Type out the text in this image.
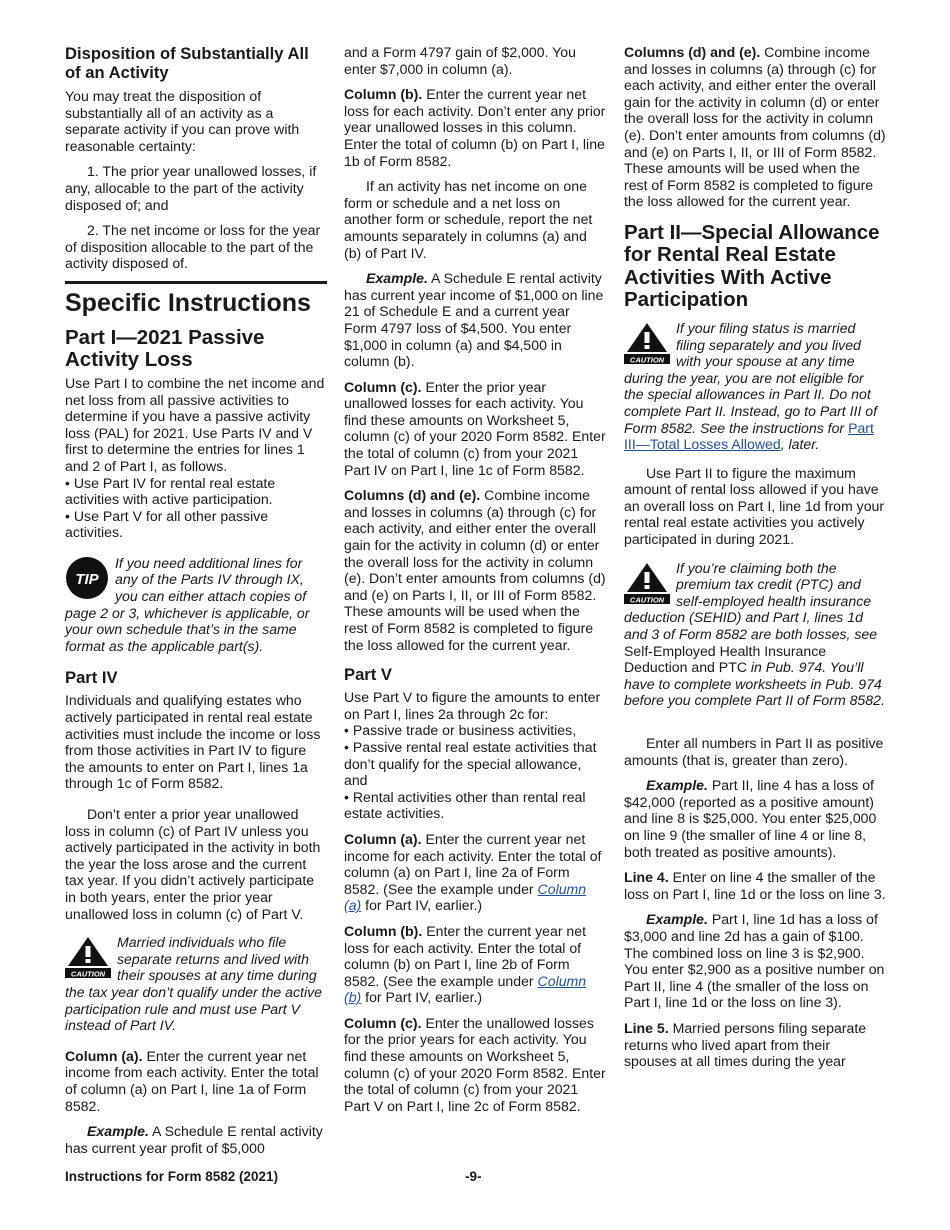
Disposition of Substantially All of an Activity

You may treat the disposition of substantially all of an activity as a separate activity if you can prove with reasonable certainty:

1. The prior year unallowed losses, if any, allocable to the part of the activity disposed of; and

2. The net income or loss for the year of disposition allocable to the part of the activity disposed of.

Specific Instructions
Part I—2021 Passive Activity Loss

Use Part I to combine the net income and net loss from all passive activities to determine if you have a passive activity loss (PAL) for 2021. Use Parts IV and V first to determine the entries for lines 1 and 2 of Part I, as follows.

• Use Part IV for rental real estate activities with active participation.

• Use Part V for all other passive activities.

TIP
If you need additional lines for any of the Parts IV through IX, you can either attach copies of page 2 or 3, whichever is applicable, or your own schedule that’s in the same format as the applicable part(s).
Part IV

Individuals and qualifying estates who actively participated in rental real estate activities must include the income or loss from those activities in Part IV to figure the amounts to enter on Part I, lines 1a through 1c of Form 8582.

Don’t enter a prior year unallowed loss in column (c) of Part IV unless you actively participated in the activity in both the year the loss arose and the current tax year. If you didn’t actively participate in both years, enter the prior year unallowed loss in column (c) of Part V.

CAUTION
Married individuals who file separate returns and lived with their spouses at any time during the tax year don’t qualify under the active participation rule and must use Part V instead of Part IV.

Column (a). Enter the current year net income from each activity. Enter the total of column (a) on Part I, line 1a of Form 8582.

Example. A Schedule E rental activity has current year profit of $5,000

and a Form 4797 gain of $2,000. You enter $7,000 in column (a).

Column (b). Enter the current year net loss for each activity. Don’t enter any prior year unallowed losses in this column. Enter the total of column (b) on Part I, line 1b of Form 8582.

If an activity has net income on one form or schedule and a net loss on another form or schedule, report the net amounts separately in columns (a) and (b) of Part IV.

Example. A Schedule E rental activity has current year income of $1,000 on line 21 of Schedule E and a current year Form 4797 loss of $4,500. You enter $1,000 in column (a) and $4,500 in column (b).

Column (c). Enter the prior year unallowed losses for each activity. You find these amounts on Worksheet 5, column (c) of your 2020 Form 8582. Enter the total of column (c) from your 2021 Part IV on Part I, line 1c of Form 8582.

Columns (d) and (e). Combine income and losses in columns (a) through (c) for each activity, and either enter the overall gain for the activity in column (d) or enter the overall loss for the activity in column (e). Don’t enter amounts from columns (d) and (e) on Parts I, II, or III of Form 8582. These amounts will be used when the rest of Form 8582 is completed to figure the loss allowed for the current year.

Part V

Use Part V to figure the amounts to enter on Part I, lines 2a through 2c for:

• Passive trade or business activities,

• Passive rental real estate activities that don’t qualify for the special allowance, and

• Rental activities other than rental real estate activities.

Column (a). Enter the current year net income for each activity. Enter the total of column (a) on Part I, line 2a of Form 8582. (See the example under Column (a) for Part IV, earlier.)

Column (b). Enter the current year net loss for each activity. Enter the total of column (b) on Part I, line 2b of Form 8582. (See the example under Column (b) for Part IV, earlier.)

Column (c). Enter the unallowed losses for the prior years for each activity. You find these amounts on Worksheet 5, column (c) of your 2020 Form 8582. Enter the total of column (c) from your 2021 Part V on Part I, line 2c of Form 8582.

Columns (d) and (e). Combine income and losses in columns (a) through (c) for each activity, and either enter the overall gain for the activity in column (d) or enter the overall loss for the activity in column (e). Don’t enter amounts from columns (d) and (e) on Parts I, II, or III of Form 8582. These amounts will be used when the rest of Form 8582 is completed to figure the loss allowed for the current year.

Part II—Special Allowance for Rental Real Estate Activities With Active Participation
CAUTION
If your filing status is married filing separately and you lived with your spouse at any time during the year, you are not eligible for the special allowances in Part II. Do not complete Part II. Instead, go to Part III of Form 8582. See the instructions for Part III—Total Losses Allowed, later.

Use Part II to figure the maximum amount of rental loss allowed if you have an overall loss on Part I, line 1d from your rental real estate activities you actively participated in during 2021.

CAUTION
If you’re claiming both the premium tax credit (PTC) and self-employed health insurance deduction (SEHID) and Part I, lines 1d and 3 of Form 8582 are both losses, see Self-Employed Health Insurance Deduction and PTC in Pub. 974. You’ll have to complete worksheets in Pub. 974 before you complete Part II of Form 8582.

Enter all numbers in Part II as positive amounts (that is, greater than zero).

Example. Part II, line 4 has a loss of $42,000 (reported as a positive amount) and line 8 is $25,000. You enter $25,000 on line 9 (the smaller of line 4 or line 8, both treated as positive amounts).

Line 4. Enter on line 4 the smaller of the loss on Part I, line 1d or the loss on line 3.

Example. Part I, line 1d has a loss of $3,000 and line 2d has a gain of $100. The combined loss on line 3 is $2,900. You enter $2,900 as a positive number on Part II, line 4 (the smaller of the loss on Part I, line 1d or the loss on line 3).

Line 5. Married persons filing separate returns who lived apart from their spouses at all times during the year

Instructions for Form 8582 (2021)	-9-
